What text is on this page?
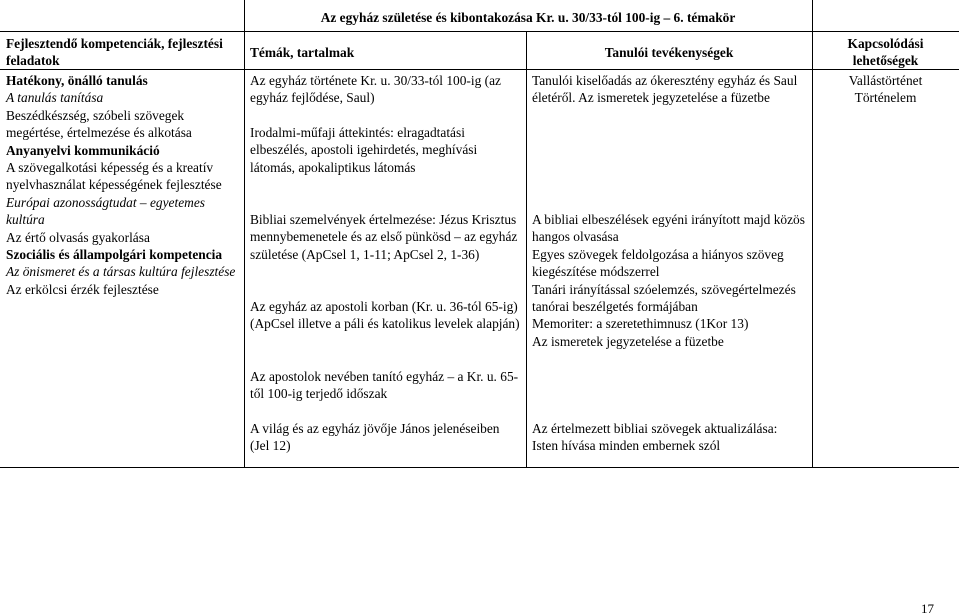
Az egyház születése és kibontakozása Kr. u. 30/33-tól 100-ig – 6. témakör
Fejlesztendő kompetenciák, fejlesztési feladatok
Témák, tartalmak	Tanulói tevékenységek
Kapcsolódási lehetőségek
Hatékony, önálló tanulás
A tanulás tanítása
Beszédkészség, szóbeli szövegek megértése, értelmezése és alkotása
Anyanyelvi kommunikáció
A szövegalkotási képesség és a kreatív nyelvhasználat képességének fejlesztése
Európai azonosságtudat – egyetemes kultúra
Az értő olvasás gyakorlása
Szociális és állampolgári kompetencia
Az önismeret és a társas kultúra fejlesztése
Az erkölcsi érzék fejlesztése
Az egyház története Kr. u. 30/33-tól 100-ig (az egyház fejlődése, Saul)
Irodalmi-műfaji áttekintés: elragadtatási elbeszélés, apostoli igehirdetés, meghívási látomás, apokaliptikus látomás
Bibliai szemelvények értelmezése: Jézus Krisztus mennybemenetele és az első pünkösd – az egyház születése (ApCsel 1, 1-11; ApCsel 2, 1-36)
Az egyház az apostoli korban (Kr. u. 36-tól 65-ig) (ApCsel illetve a páli és katolikus levelek alapján)
Az apostolok nevében tanító egyház – a Kr. u. 65-től 100-ig terjedő időszak
A világ és az egyház jövője János jelenéseiben (Jel 12)
Tanulói kiselőadás az ókeresztény egyház és Saul életéről. Az ismeretek jegyzetelése a füzetbe
A bibliai elbeszélések egyéni irányított majd közös hangos olvasása
Egyes szövegek feldolgozása a hiányos szöveg kiegészítése módszerrel
Tanári irányítással szóelemzés, szövegértelmezés tanórai beszélgetés formájában
Memoriter: a szeretethimnusz (1Kor 13)
Az ismeretek jegyzetelése a füzetbe
Az értelmezett bibliai szövegek aktualizálása: Isten hívása minden embernek szól
Vallástörténet
Történelem
17
